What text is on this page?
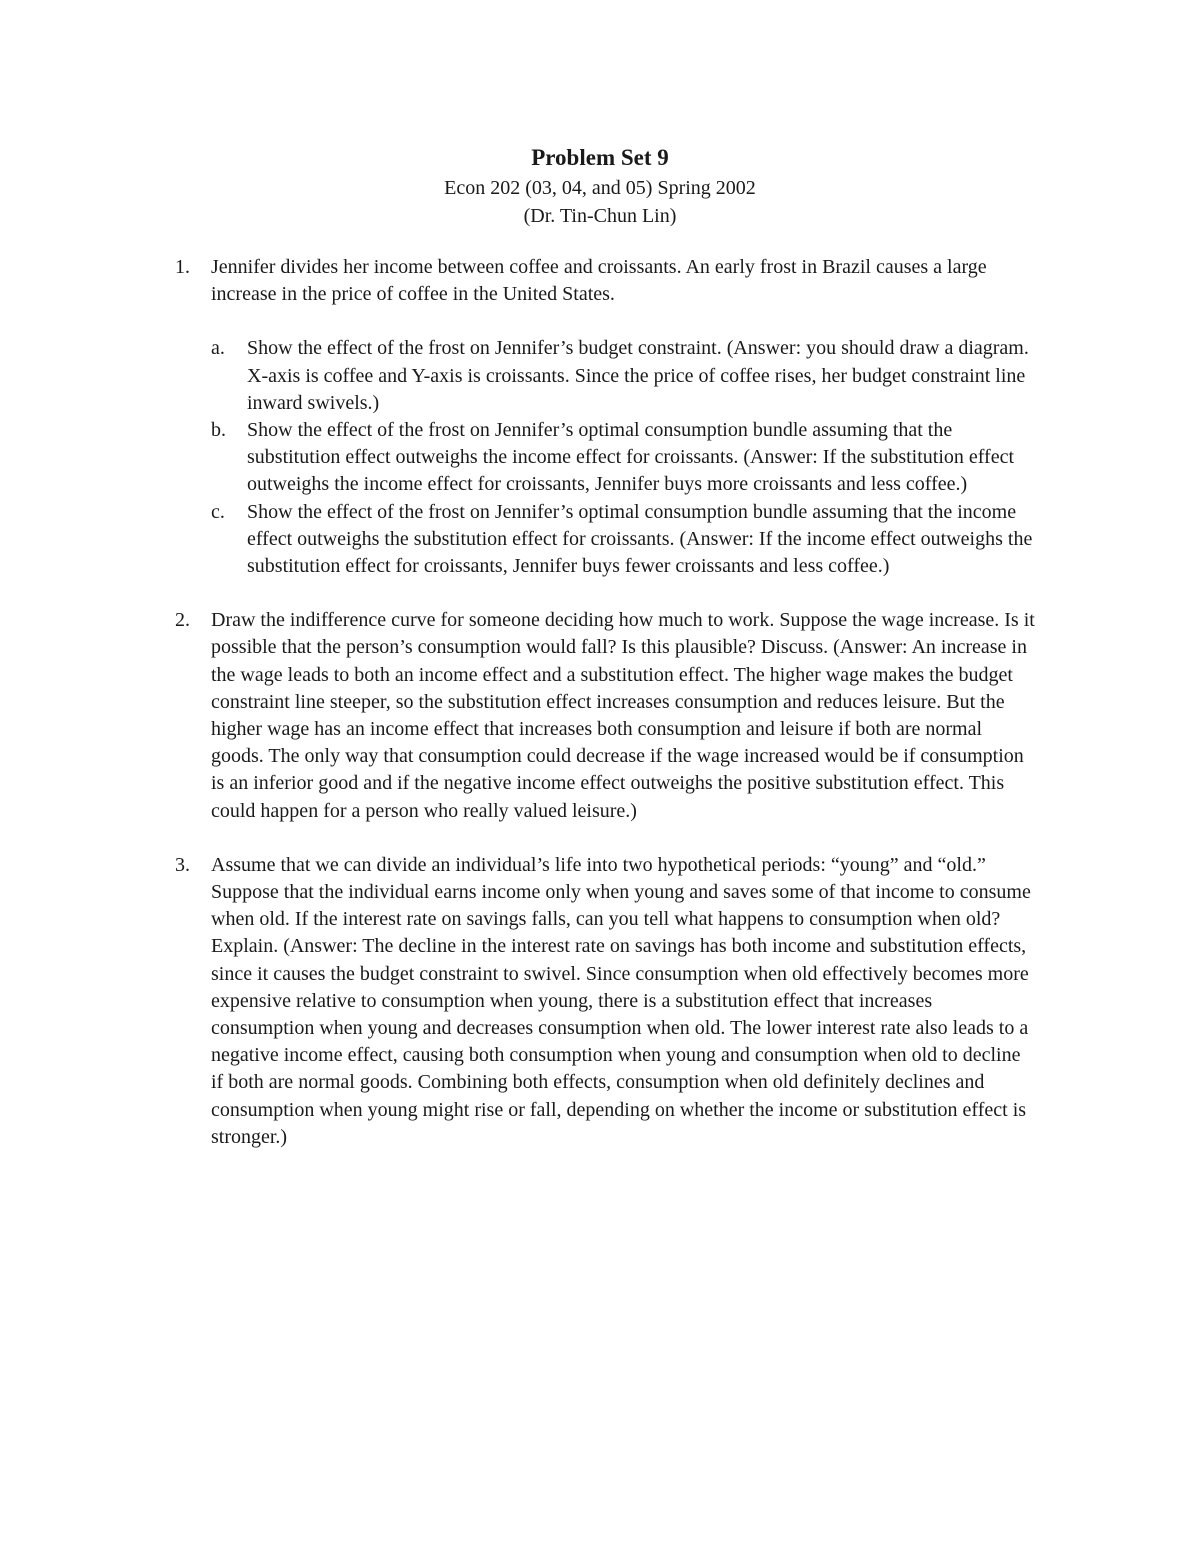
Problem Set 9

Econ 202 (03, 04, and 05) Spring 2002

(Dr. Tin-Chun Lin)

1. Jennifer divides her income between coffee and croissants. An early frost in Brazil causes a large increase in the price of coffee in the United States.

a. Show the effect of the frost on Jennifer’s budget constraint. (Answer: you should draw a diagram. X-axis is coffee and Y-axis is croissants. Since the price of coffee rises, her budget constraint line inward swivels.)
b. Show the effect of the frost on Jennifer’s optimal consumption bundle assuming that the substitution effect outweighs the income effect for croissants. (Answer: If the substitution effect outweighs the income effect for croissants, Jennifer buys more croissants and less coffee.)
c. Show the effect of the frost on Jennifer’s optimal consumption bundle assuming that the income effect outweighs the substitution effect for croissants. (Answer: If the income effect outweighs the substitution effect for croissants, Jennifer buys fewer croissants and less coffee.)
2. Draw the indifference curve for someone deciding how much to work. Suppose the wage increase. Is it possible that the person’s consumption would fall? Is this plausible? Discuss. (Answer: An increase in the wage leads to both an income effect and a substitution effect. The higher wage makes the budget constraint line steeper, so the substitution effect increases consumption and reduces leisure. But the higher wage has an income effect that increases both consumption and leisure if both are normal goods. The only way that consumption could decrease if the wage increased would be if consumption is an inferior good and if the negative income effect outweighs the positive substitution effect. This could happen for a person who really valued leisure.)

3. Assume that we can divide an individual’s life into two hypothetical periods: “young” and “old.” Suppose that the individual earns income only when young and saves some of that income to consume when old. If the interest rate on savings falls, can you tell what happens to consumption when old? Explain. (Answer: The decline in the interest rate on savings has both income and substitution effects, since it causes the budget constraint to swivel. Since consumption when old effectively becomes more expensive relative to consumption when young, there is a substitution effect that increases consumption when young and decreases consumption when old. The lower interest rate also leads to a negative income effect, causing both consumption when young and consumption when old to decline if both are normal goods. Combining both effects, consumption when old definitely declines and consumption when young might rise or fall, depending on whether the income or substitution effect is stronger.)
